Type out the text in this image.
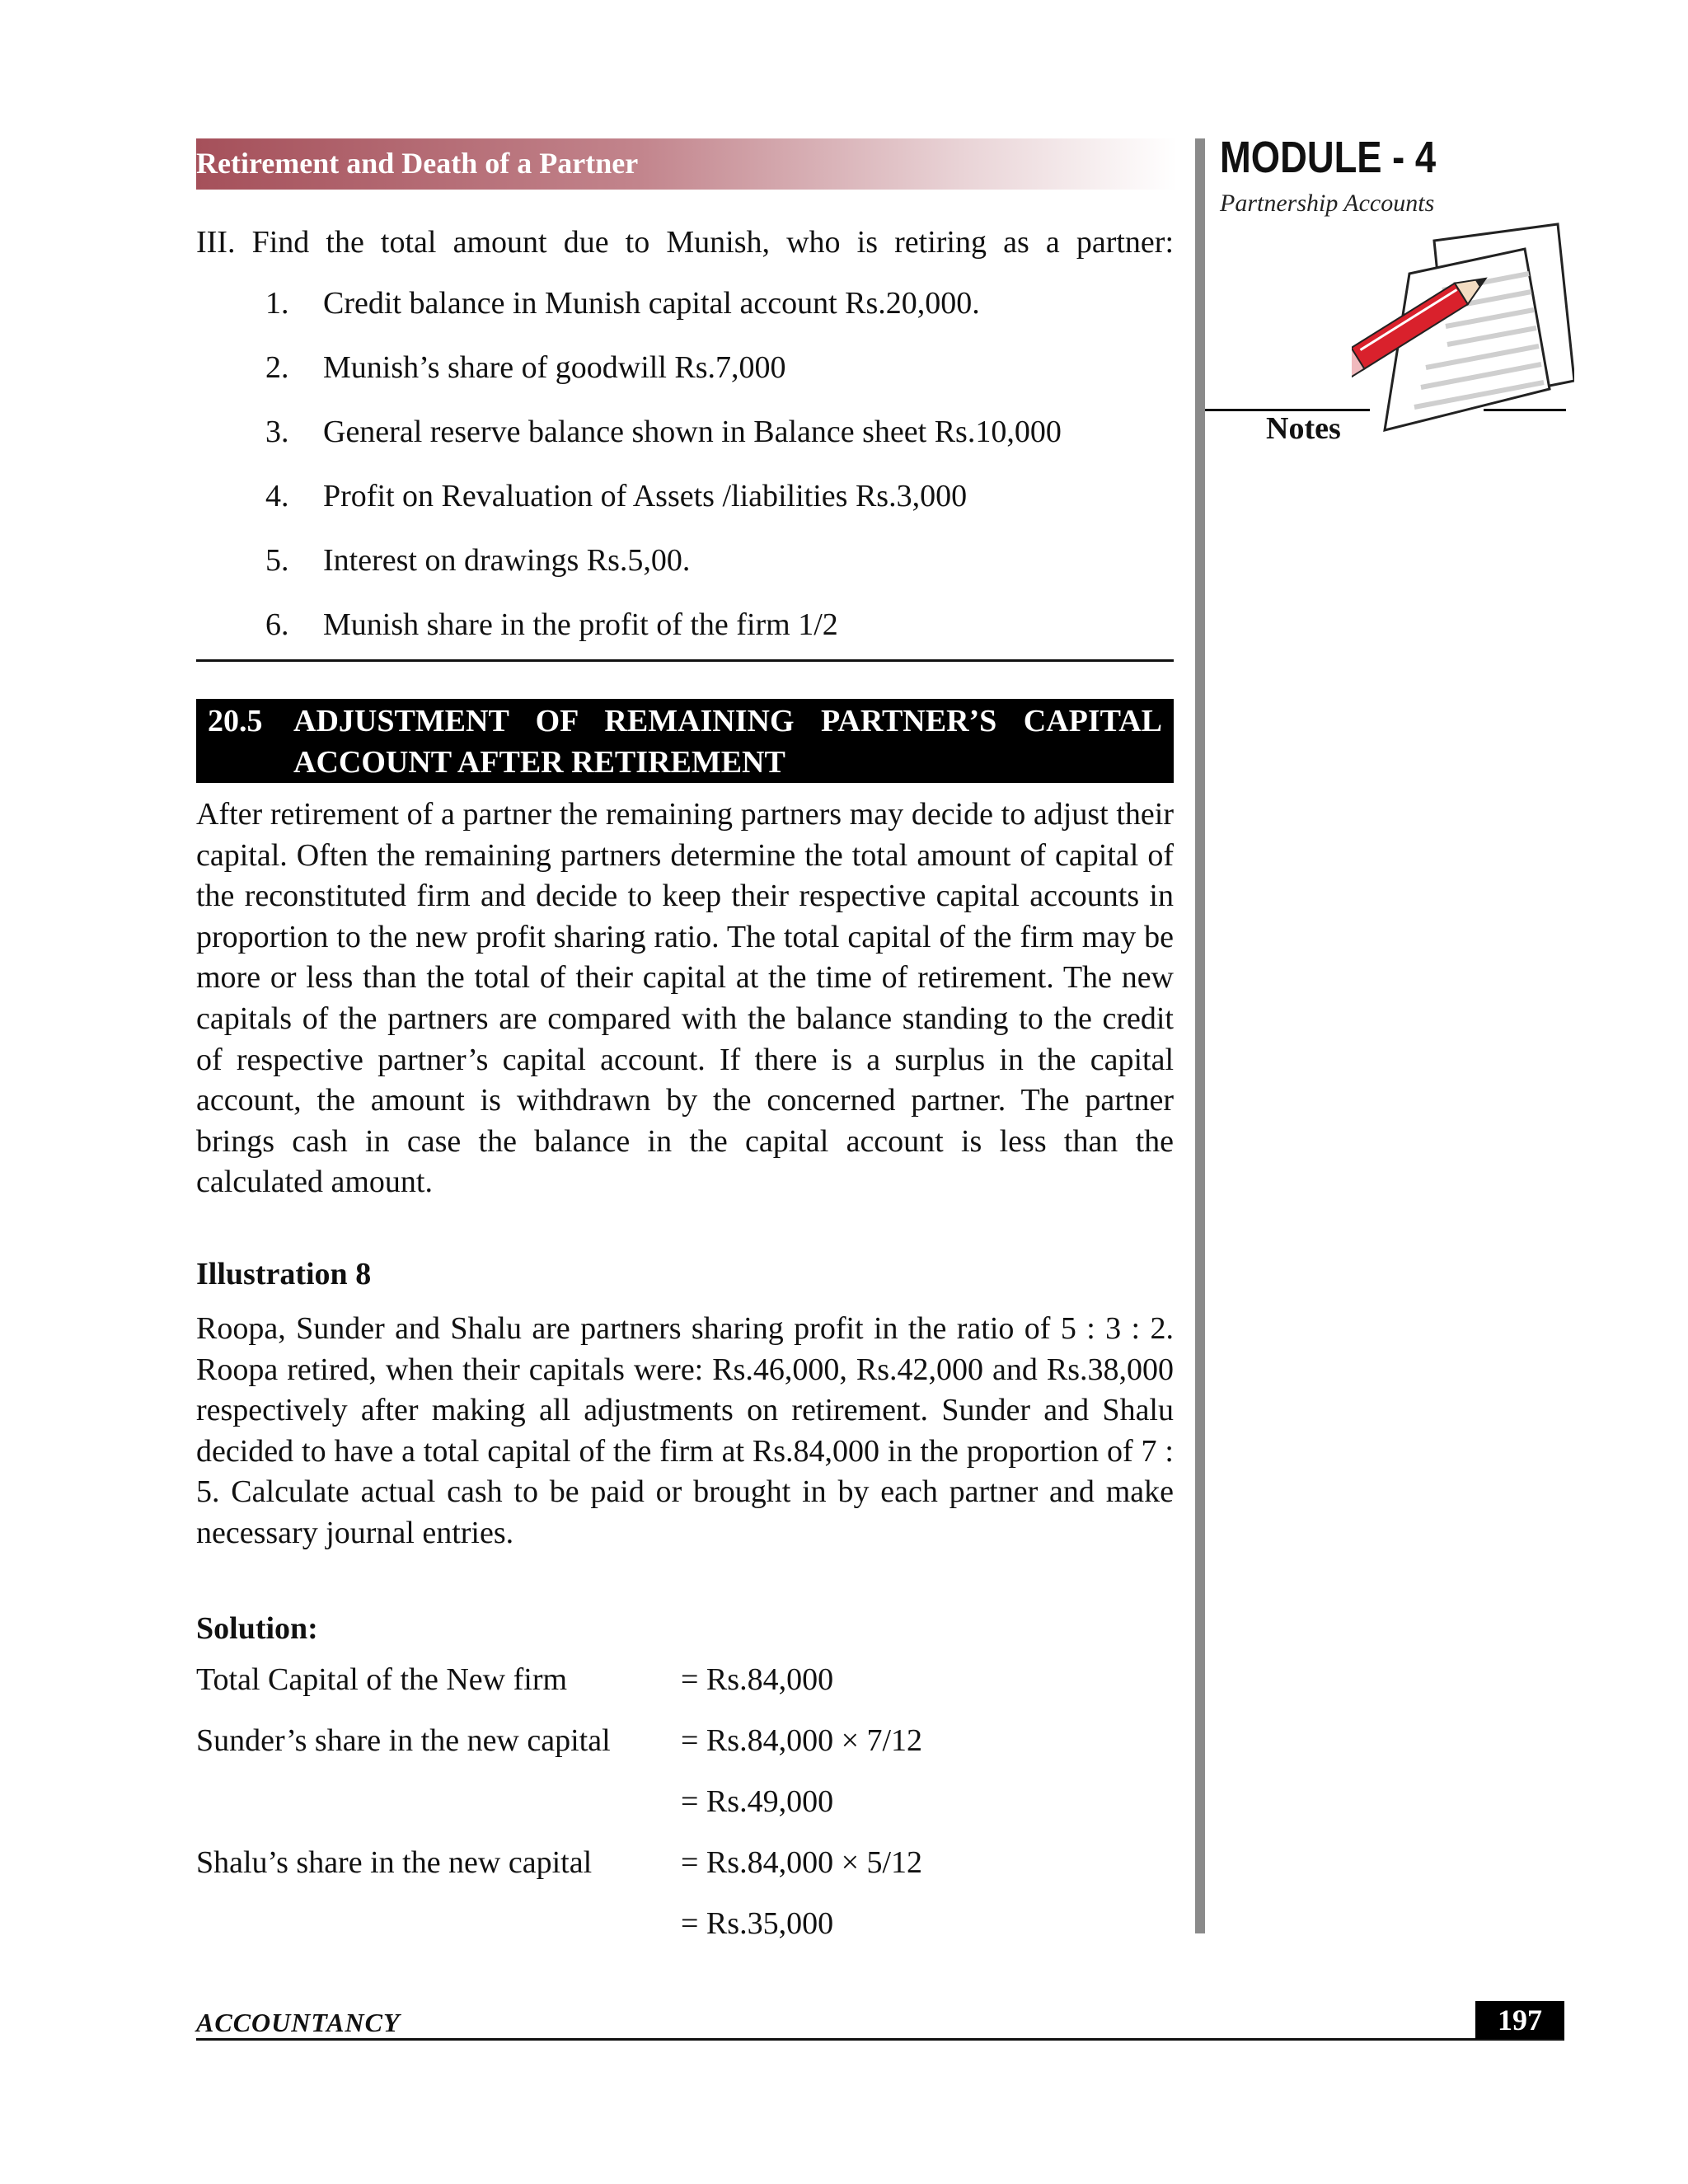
Retirement and Death of a Partner	MODULE - 4
Partnership Accounts
Notes
III. Find the total amount due to Munish, who is retiring as a partner:
1. Credit balance in Munish capital account Rs.20,000.
2. Munish’s share of goodwill Rs.7,000
3. General reserve balance shown in Balance sheet Rs.10,000
4. Profit on Revaluation of Assets /liabilities Rs.3,000
5. Interest on drawings Rs.5,00.
6. Munish share in the profit of the firm 1/2
20.5 ADJUSTMENT OF REMAINING PARTNER’S CAPITAL
ACCOUNT AFTER RETIREMENT
After retirement of a partner the remaining partners may decide to adjust their capital. Often the remaining partners determine the total amount of capital of the reconstituted firm and decide to keep their respective capital accounts in proportion to the new profit sharing ratio. The total capital of the firm may be more or less than the total of their capital at the time of retirement. The new capitals of the partners are compared with the balance standing to the credit of respective partner’s capital account. If there is a surplus in the capital account, the amount is withdrawn by the concerned partner. The partner brings cash in case the balance in the capital account is less than the calculated amount.
Illustration 8
Roopa, Sunder and Shalu are partners sharing profit in the ratio of 5 : 3 : 2. Roopa retired, when their capitals were: Rs.46,000, Rs.42,000 and Rs.38,000 respectively after making all adjustments on retirement. Sunder and Shalu decided to have a total capital of the firm at Rs.84,000 in the proportion of 7 : 5. Calculate actual cash to be paid or brought in by each partner and make necessary journal entries.
Solution:
Total Capital of the New firm	= Rs.84,000
Sunder’s share in the new capital = Rs.84,000 × 7/12
= Rs.49,000
Shalu’s share in the new capital	= Rs.84,000 × 5/12
= Rs.35,000
ACCOUNTANCY	197
